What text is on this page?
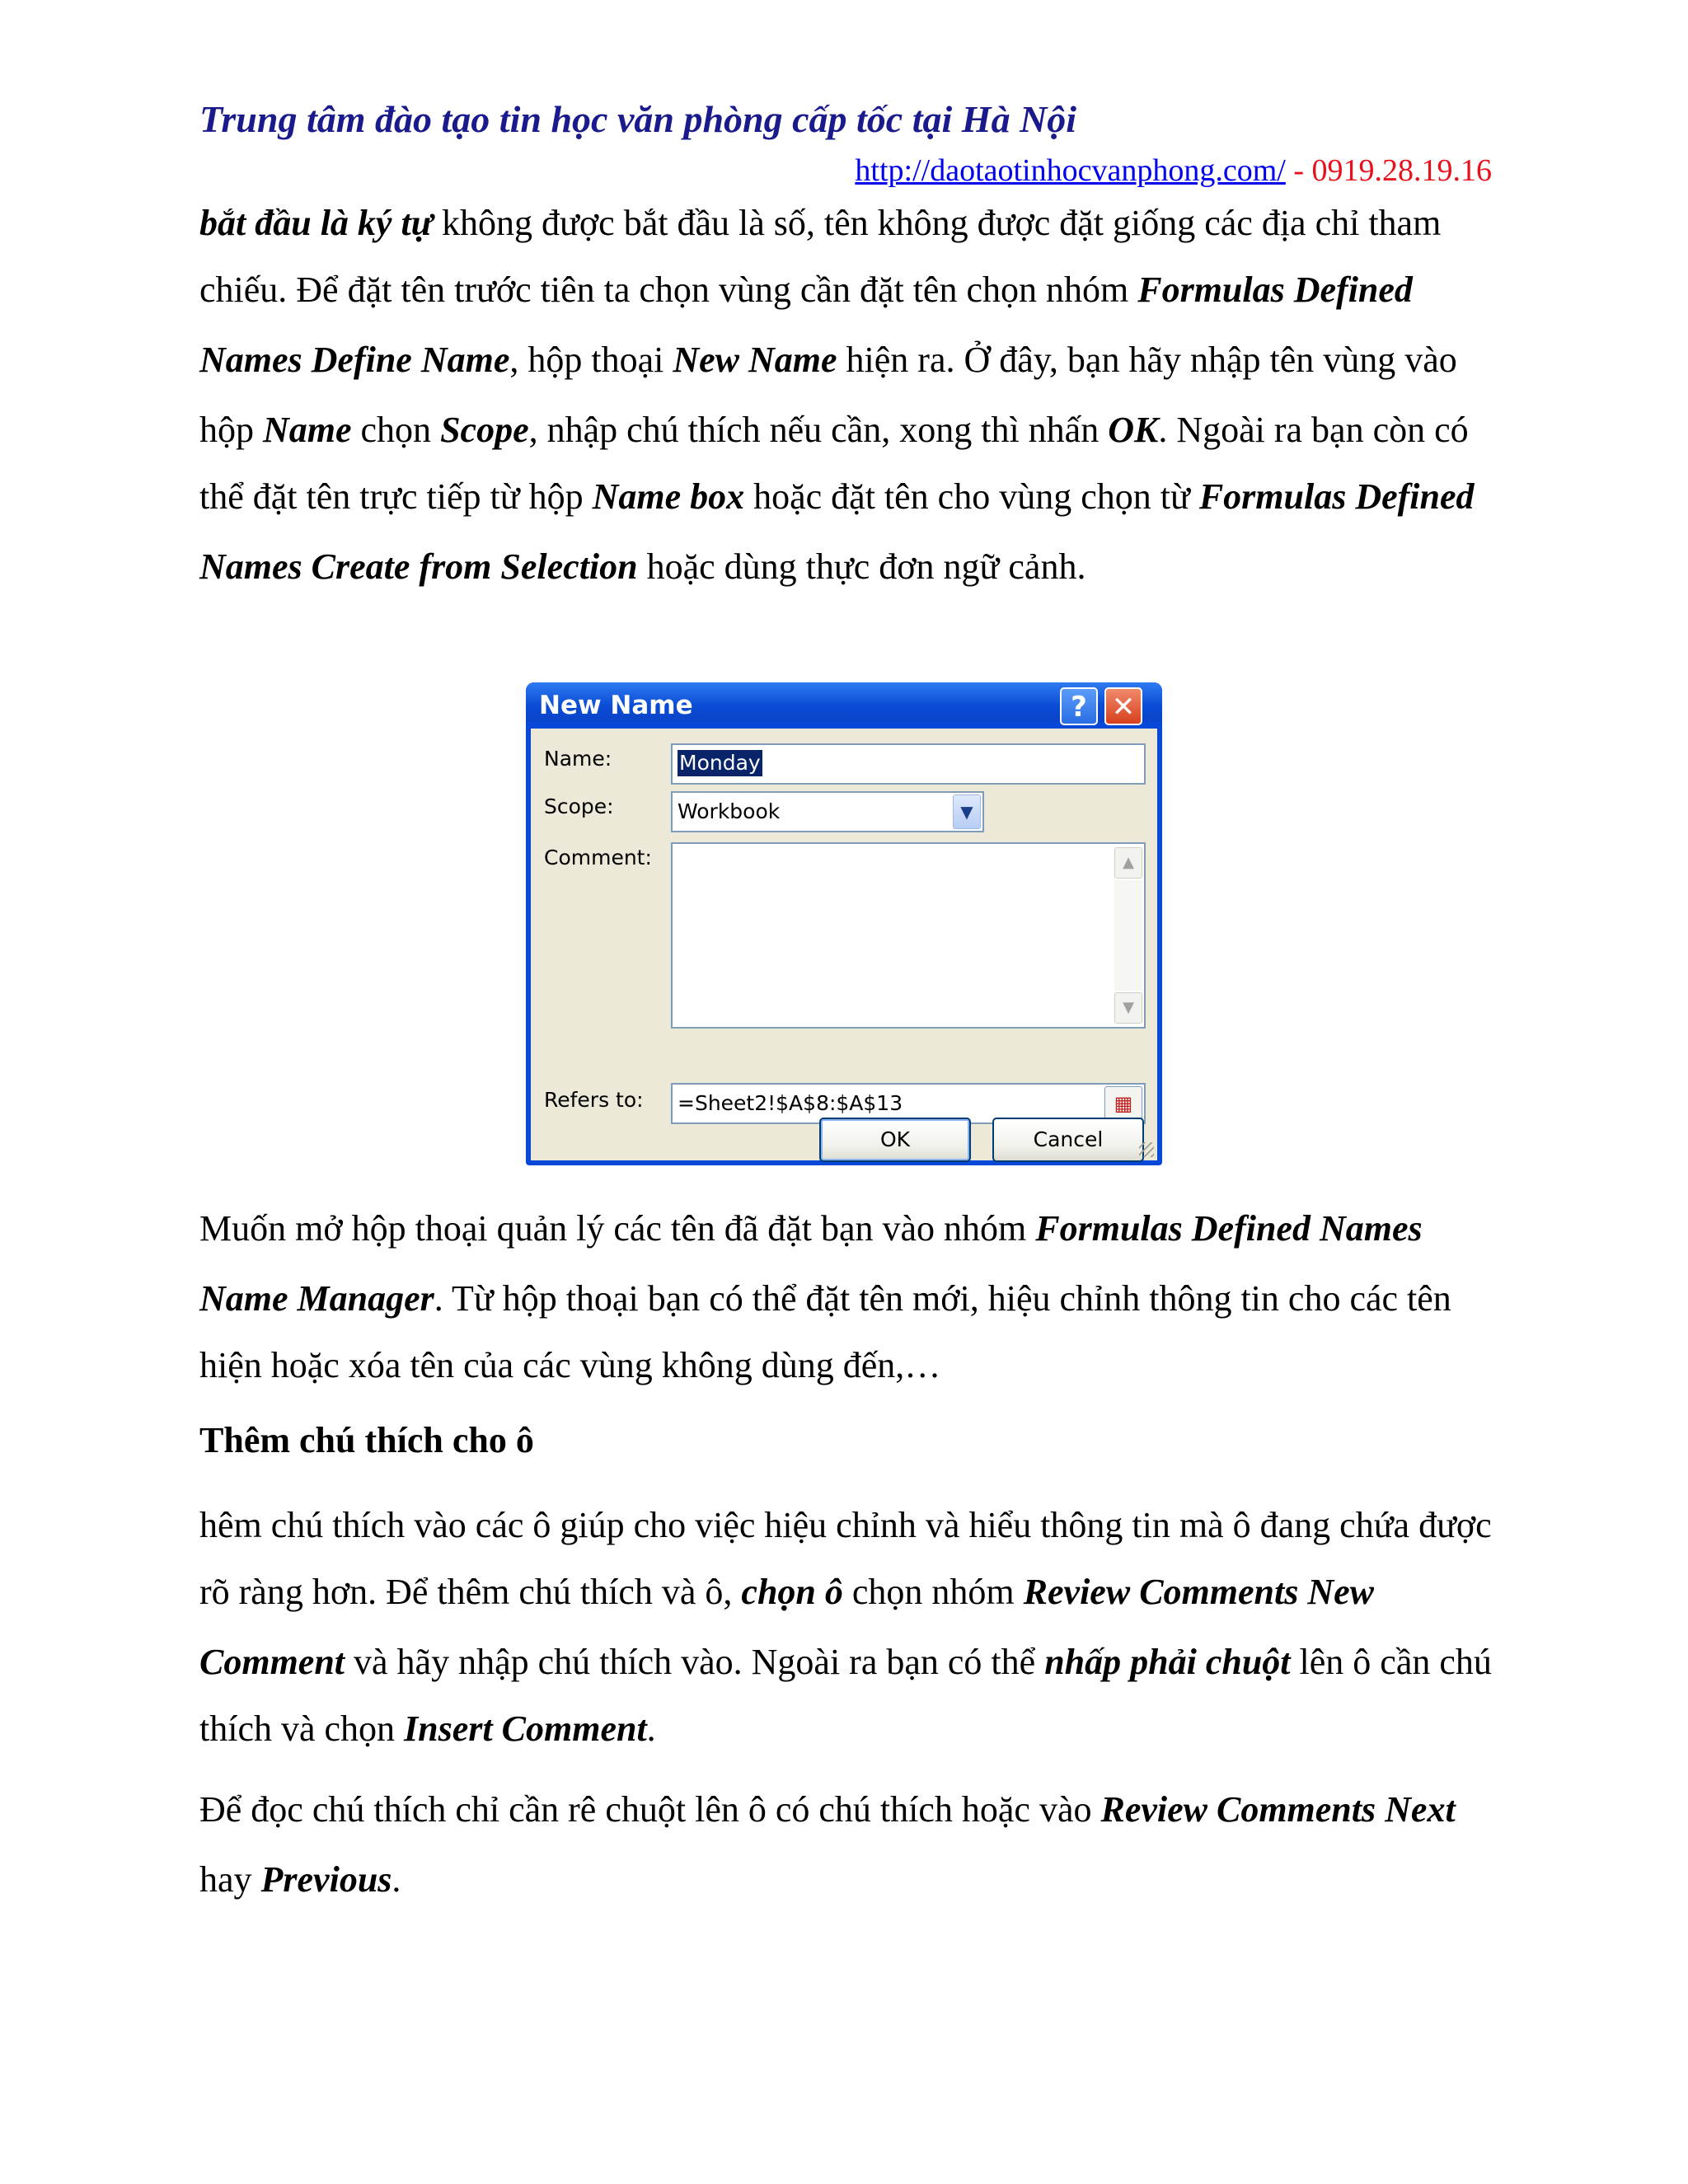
Trung tâm đào tạo tin học văn phòng cấp tốc tại Hà Nội
http://daotaotinhocvanphong.com/ - 0919.28.19.16
bắt đầu là ký tự không được bắt đầu là số, tên không được đặt giống các địa chỉ tham chiếu. Để đặt tên trước tiên ta chọn vùng cần đặt tên chọn nhóm Formulas Defined Names Define Name, hộp thoại New Name hiện ra. Ở đây, bạn hãy nhập tên vùng vào hộp Name chọn Scope, nhập chú thích nếu cần, xong thì nhấn OK. Ngoài ra bạn còn có thể đặt tên trực tiếp từ hộp Name box hoặc đặt tên cho vùng chọn từ Formulas Defined Names Create from Selection hoặc dùng thực đơn ngữ cảnh.
New Name	? ✕
Name:	Monday
Scope:	Workbook	▼
Comment:	▲
▼
Refers to: =Sheet2!$A$8:$A$13	▦
OK	Cancel
Muốn mở hộp thoại quản lý các tên đã đặt bạn vào nhóm Formulas Defined Names Name Manager. Từ hộp thoại bạn có thể đặt tên mới, hiệu chỉnh thông tin cho các tên hiện hoặc xóa tên của các vùng không dùng đến,…
Thêm chú thích cho ô
hêm chú thích vào các ô giúp cho việc hiệu chỉnh và hiểu thông tin mà ô đang chứa được rõ ràng hơn. Để thêm chú thích và ô, chọn ô chọn nhóm Review Comments New Comment và hãy nhập chú thích vào. Ngoài ra bạn có thể nhấp phải chuột lên ô cần chú thích và chọn Insert Comment.
Để đọc chú thích chỉ cần rê chuột lên ô có chú thích hoặc vào Review Comments Next hay Previous.
